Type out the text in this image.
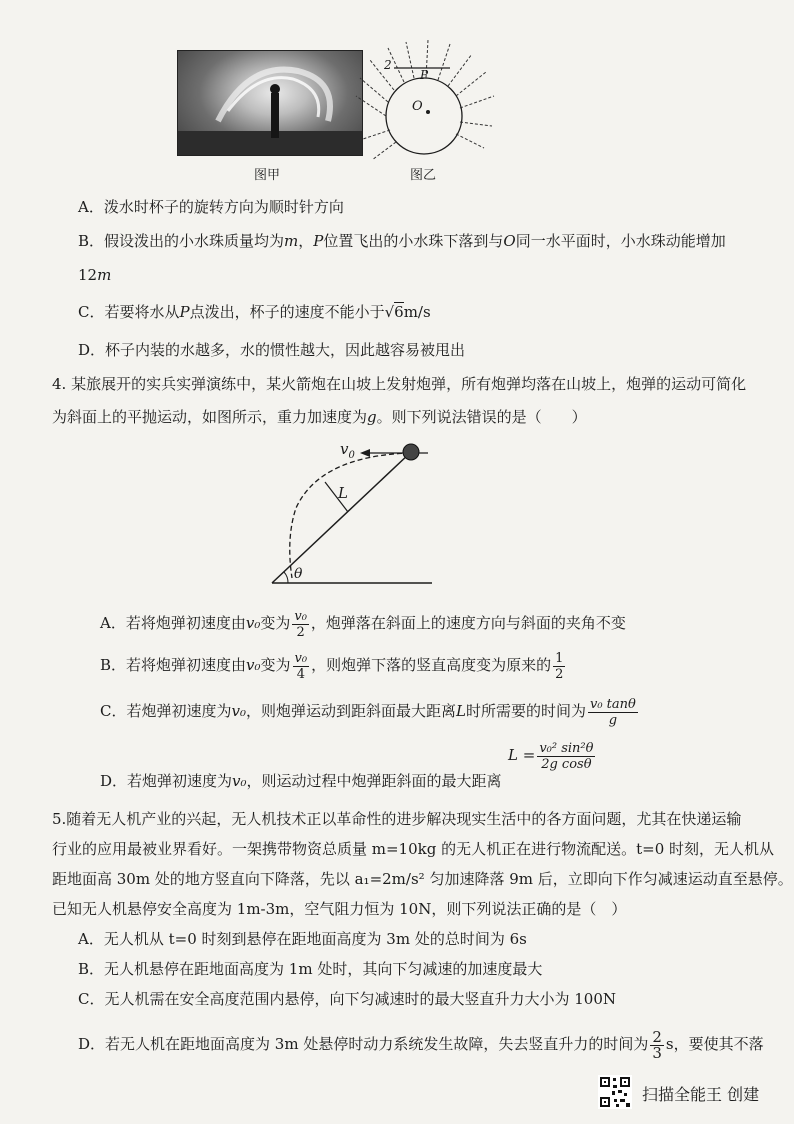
图甲
2
P
O
图乙
A．泼水时杯子的旋转方向为顺时针方向
B．假设泼出的小水珠质量均为m，P位置飞出的小水珠下落到与O同一水平面时，小水珠动能增加
12m
C．若要将水从P点泼出，杯子的速度不能小于√6m/s
D．杯子内装的水越多，水的惯性越大，因此越容易被甩出
4. 某旅展开的实兵实弹演练中，某火箭炮在山坡上发射炮弹，所有炮弹均落在山坡上，炮弹的运动可简化
为斜面上的平抛运动，如图所示，重力加速度为g。则下列说法错误的是（　　）
$v_0$
L
θ
A．若将炮弹初速度由v₀变为 $\frac{\text{v₀}}{2}$ ，炮弹落在斜面上的速度方向与斜面的夹角不变
B．若将炮弹初速度由v₀变为 $\frac{\text{v₀}}{4}$ ，则炮弹下落的竖直高度变为原来的 $\frac{1}{2}$
C．若炮弹初速度为v₀，则炮弹运动到距斜面最大距离L时所需要的时间为 $\frac{\text{v₀ tanθ}}{g}$
$L = \frac{\text{v₀² sin²θ}}{\text{2g cosθ}}$
D．若炮弹初速度为v₀，则运动过程中炮弹距斜面的最大距离
5.随着无人机产业的兴起，无人机技术正以革命性的进步解决现实生活中的各方面问题，尤其在快递运输
行业的应用最被业界看好。一架携带物资总质量 m=10kg 的无人机正在进行物流配送。t=0 时刻，无人机从
距地面高 30m 处的地方竖直向下降落，先以 a₁=2m/s² 匀加速降落 9m 后，立即向下作匀减速运动直至悬停。
已知无人机悬停安全高度为 1m-3m，空气阻力恒为 10N，则下列说法正确的是（　）
A．无人机从 t=0 时刻到悬停在距地面高度为 3m 处的总时间为 6s
B．无人机悬停在距地面高度为 1m 处时，其向下匀减速的加速度最大
C．无人机需在安全高度范围内悬停，向下匀减速时的最大竖直升力大小为 100N
D．若无人机在距地面高度为 3m 处悬停时动力系统发生故障，失去竖直升力的时间为 $\frac{2}{3}$ s，要使其不落
扫描全能王 创建
